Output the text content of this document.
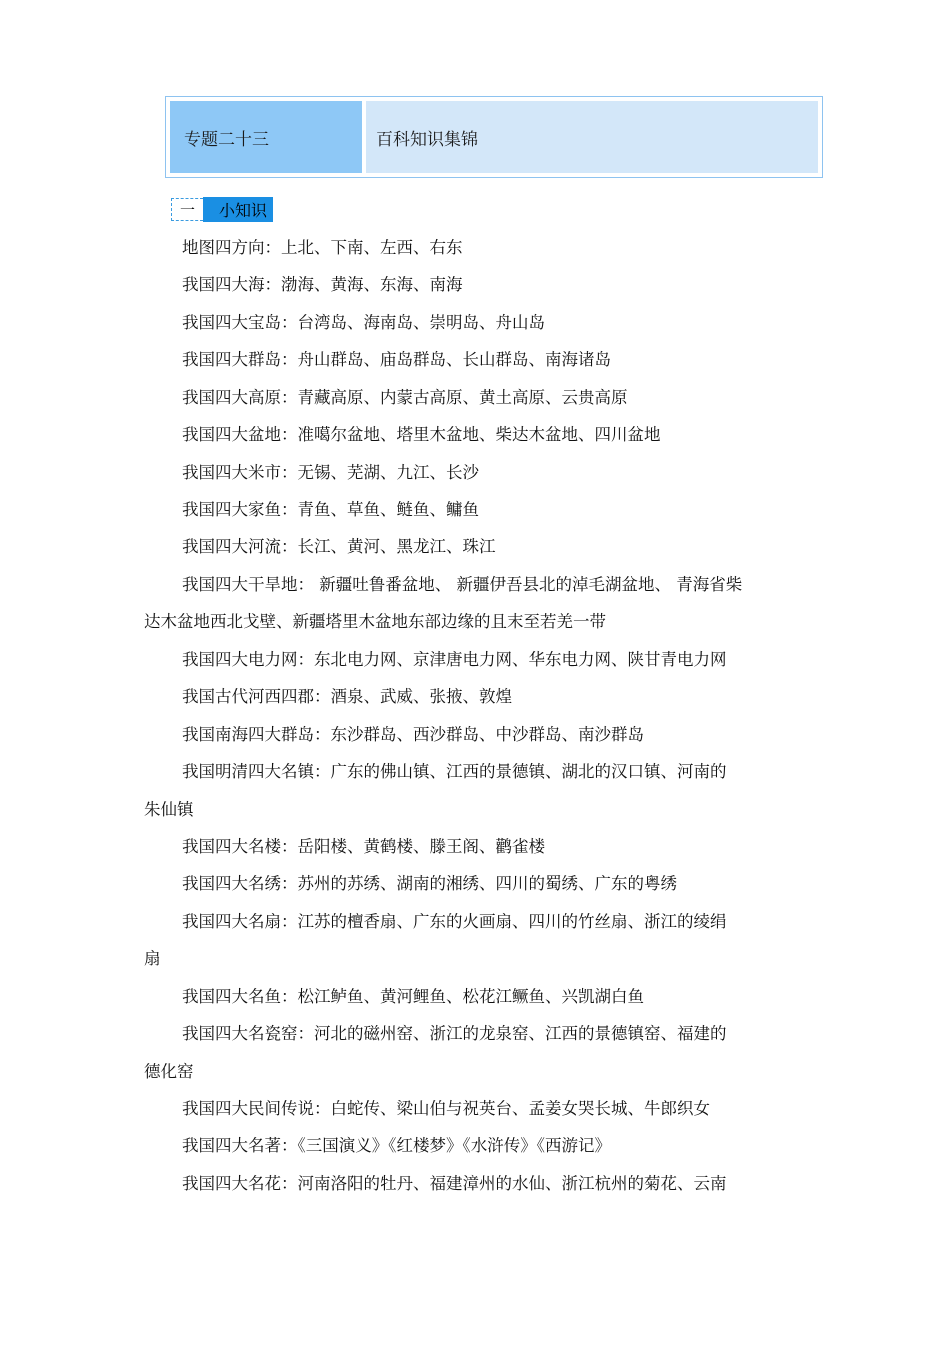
专题二十三	百科知识集锦
一	小知识
地图四方向：上北、下南、左西、右东
我国四大海：渤海、黄海、东海、南海
我国四大宝岛：台湾岛、海南岛、崇明岛、舟山岛
我国四大群岛：舟山群岛、庙岛群岛、长山群岛、南海诸岛
我国四大高原：青藏高原、内蒙古高原、黄土高原、云贵高原
我国四大盆地：准噶尔盆地、塔里木盆地、柴达木盆地、四川盆地
我国四大米市：无锡、芜湖、九江、长沙
我国四大家鱼：青鱼、草鱼、鲢鱼、鳙鱼
我国四大河流：长江、黄河、黑龙江、珠江
我国四大干旱地： 新疆吐鲁番盆地、 新疆伊吾县北的淖毛湖盆地、 青海省柴
达木盆地西北戈壁、新疆塔里木盆地东部边缘的且末至若羌一带
我国四大电力网：东北电力网、京津唐电力网、华东电力网、陕甘青电力网
我国古代河西四郡：酒泉、武威、张掖、敦煌
我国南海四大群岛：东沙群岛、西沙群岛、中沙群岛、南沙群岛
我国明清四大名镇：广东的佛山镇、江西的景德镇、湖北的汉口镇、河南的
朱仙镇
我国四大名楼：岳阳楼、黄鹤楼、滕王阁、鹳雀楼
我国四大名绣：苏州的苏绣、湖南的湘绣、四川的蜀绣、广东的粤绣
我国四大名扇：江苏的檀香扇、广东的火画扇、四川的竹丝扇、浙江的绫绢
扇
我国四大名鱼：松江鲈鱼、黄河鲤鱼、松花江鳜鱼、兴凯湖白鱼
我国四大名瓷窑：河北的磁州窑、浙江的龙泉窑、江西的景德镇窑、福建的
德化窑
我国四大民间传说：白蛇传、梁山伯与祝英台、孟姜女哭长城、牛郎织女
我国四大名著：《三国演义》《红楼梦》《水浒传》《西游记》
我国四大名花：河南洛阳的牡丹、福建漳州的水仙、浙江杭州的菊花、云南
